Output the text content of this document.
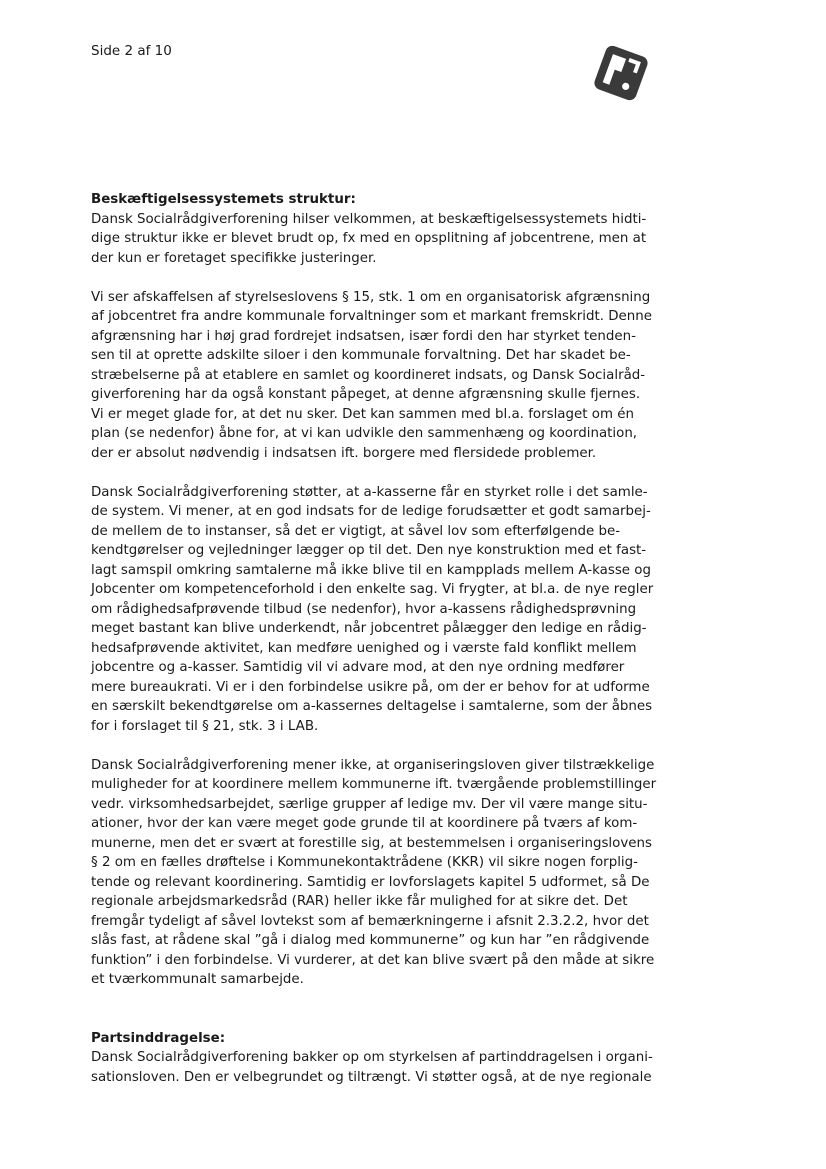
Side 2 af 10
Beskæftigelsessystemets struktur:

Dansk Socialrådgiverforening hilser velkommen, at beskæftigelsessystemets hidti-
dige struktur ikke er blevet brudt op, fx med en opsplitning af jobcentrene, men at
der kun er foretaget specifikke justeringer.

Vi ser afskaffelsen af styrelseslovens § 15, stk. 1 om en organisatorisk afgrænsning
af jobcentret fra andre kommunale forvaltninger som et markant fremskridt. Denne
afgrænsning har i høj grad fordrejet indsatsen, især fordi den har styrket tenden-
sen til at oprette adskilte siloer i den kommunale forvaltning. Det har skadet be-
stræbelserne på at etablere en samlet og koordineret indsats, og Dansk Socialråd-
giverforening har da også konstant påpeget, at denne afgrænsning skulle fjernes.
Vi er meget glade for, at det nu sker. Det kan sammen med bl.a. forslaget om én
plan (se nedenfor) åbne for, at vi kan udvikle den sammenhæng og koordination,
der er absolut nødvendig i indsatsen ift. borgere med flersidede problemer.

Dansk Socialrådgiverforening støtter, at a-kasserne får en styrket rolle i det samle-
de system. Vi mener, at en god indsats for de ledige forudsætter et godt samarbej-
de mellem de to instanser, så det er vigtigt, at såvel lov som efterfølgende be-
kendtgørelser og vejledninger lægger op til det. Den nye konstruktion med et fast-
lagt samspil omkring samtalerne må ikke blive til en kampplads mellem A-kasse og
Jobcenter om kompetenceforhold i den enkelte sag. Vi frygter, at bl.a. de nye regler
om rådighedsafprøvende tilbud (se nedenfor), hvor a-kassens rådighedsprøvning
meget bastant kan blive underkendt, når jobcentret pålægger den ledige en rådig-
hedsafprøvende aktivitet, kan medføre uenighed og i værste fald konflikt mellem
jobcentre og a-kasser. Samtidig vil vi advare mod, at den nye ordning medfører
mere bureaukrati. Vi er i den forbindelse usikre på, om der er behov for at udforme
en særskilt bekendtgørelse om a-kassernes deltagelse i samtalerne, som der åbnes
for i forslaget til § 21, stk. 3 i LAB.

Dansk Socialrådgiverforening mener ikke, at organiseringsloven giver tilstrækkelige
muligheder for at koordinere mellem kommunerne ift. tværgående problemstillinger
vedr. virksomhedsarbejdet, særlige grupper af ledige mv. Der vil være mange situ-
ationer, hvor der kan være meget gode grunde til at koordinere på tværs af kom-
munerne, men det er svært at forestille sig, at bestemmelsen i organiseringslovens
§ 2 om en fælles drøftelse i Kommunekontaktrådene (KKR) vil sikre nogen forplig-
tende og relevant koordinering. Samtidig er lovforslagets kapitel 5 udformet, så De
regionale arbejdsmarkedsråd (RAR) heller ikke får mulighed for at sikre det. Det
fremgår tydeligt af såvel lovtekst som af bemærkningerne i afsnit 2.3.2.2, hvor det
slås fast, at rådene skal ”gå i dialog med kommunerne” og kun har ”en rådgivende
funktion” i den forbindelse. Vi vurderer, at det kan blive svært på den måde at sikre
et tværkommunalt samarbejde.

Partsinddragelse:

Dansk Socialrådgiverforening bakker op om styrkelsen af partinddragelsen i organi-
sationsloven. Den er velbegrundet og tiltrængt. Vi støtter også, at de nye regionale
